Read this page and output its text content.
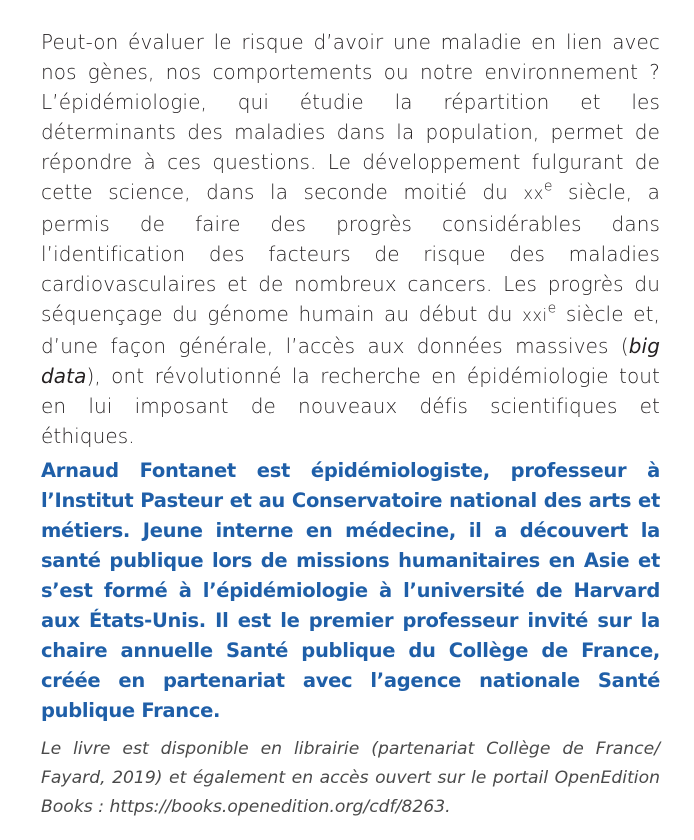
Peut-on évaluer le risque d’avoir une maladie en lien avec nos gènes, nos comportements ou notre environnement ? L’épidémiologie, qui étudie la répartition et les déterminants des maladies dans la population, permet de répondre à ces questions. Le développement fulgurant de cette science, dans la seconde moitié du $xx^e$ siècle, a permis de faire des progrès considérables dans l’identification des facteurs de risque des maladies cardiovasculaires et de nombreux cancers. Les progrès du séquençage du génome humain au début du xxi$^e$ siècle et, d’une façon générale, l’accès aux données massives (big data), ont révolutionné la recherche en épidémiologie tout en lui imposant de nouveaux défis scientifiques et éthiques.

Arnaud Fontanet est épidémiologiste, professeur à l’Institut Pasteur et au Conservatoire national des arts et métiers. Jeune interne en médecine, il a découvert la santé publique lors de missions humanitaires en Asie et s’est formé à l’épidémiologie à l’université de Harvard aux États-Unis. Il est le premier professeur invité sur la chaire annuelle Santé publique du Collège de France, créée en partenariat avec l’agence nationale Santé publique France.

Le livre est disponible en librairie (partenariat Collège de France/ Fayard, 2019) et également en accès ouvert sur le portail OpenEdition Books : https://books.openedition.org/cdf/8263.
